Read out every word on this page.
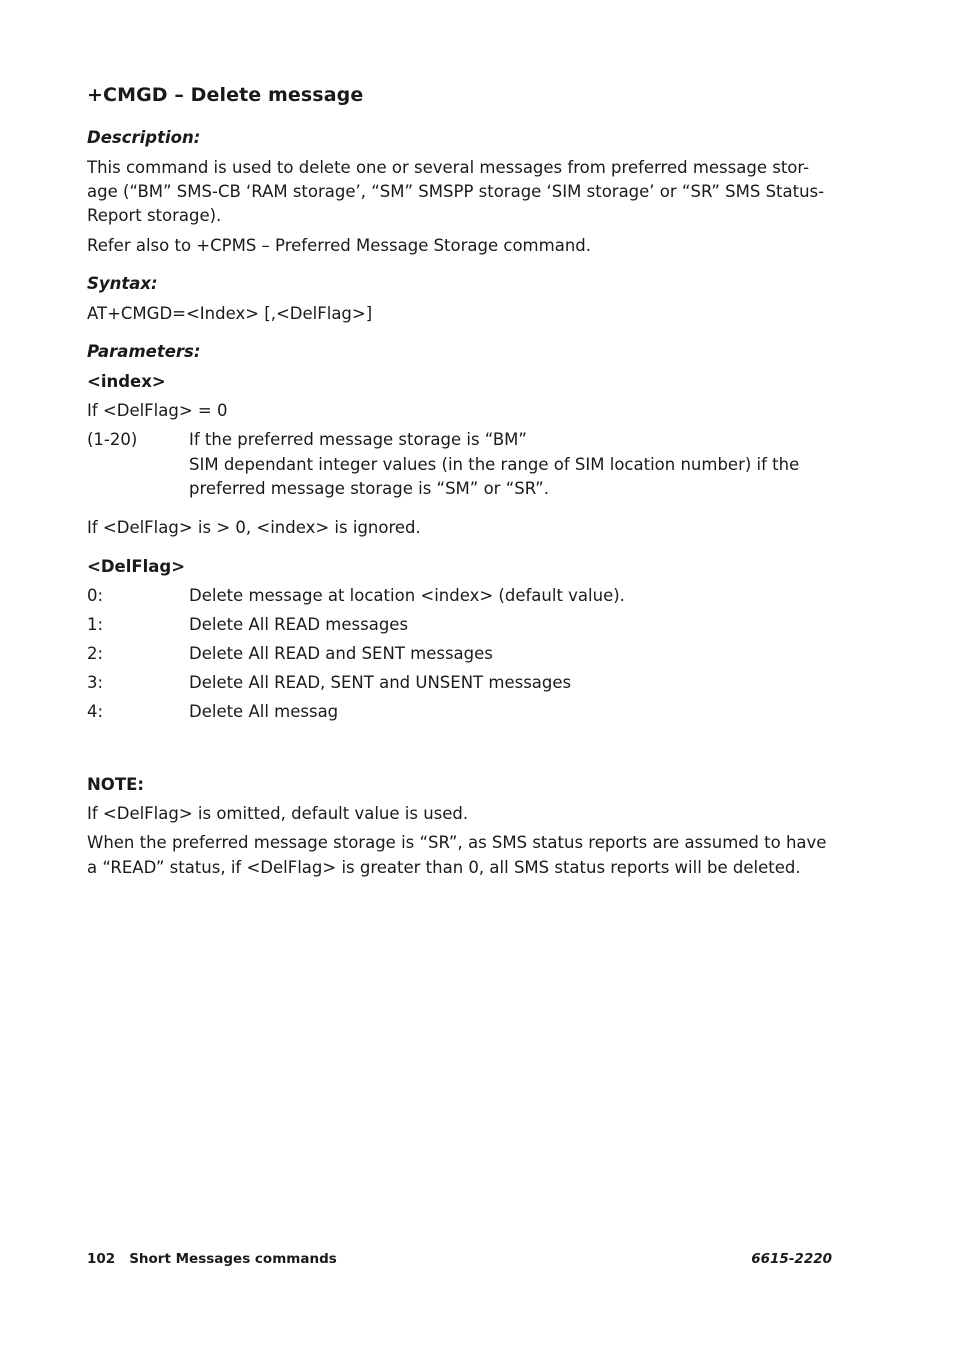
+CMGD – Delete message
Description:
This command is used to delete one or several messages from preferred message stor-
age (“BM” SMS-CB ‘RAM storage’, “SM” SMSPP storage ‘SIM storage’ or “SR” SMS Status-
Report storage).
Refer also to +CPMS – Preferred Message Storage command.
Syntax:
AT+CMGD=<Index> [,<DelFlag>]
Parameters:
<index>
If <DelFlag> = 0
(1-20)	If the preferred message storage is “BM”
SIM dependant integer values (in the range of SIM location number) if the
preferred message storage is “SM” or “SR”.
If <DelFlag> is > 0, <index> is ignored.
<DelFlag>
0:	Delete message at location <index> (default value).
1:	Delete All READ messages
2:	Delete All READ and SENT messages
3:	Delete All READ, SENT and UNSENT messages
4:	Delete All messag
NOTE:
If <DelFlag> is omitted, default value is used.
When the preferred message storage is “SR”, as SMS status reports are assumed to have
a “READ” status, if <DelFlag> is greater than 0, all SMS status reports will be deleted.
102 Short Messages commands	6615-2220
